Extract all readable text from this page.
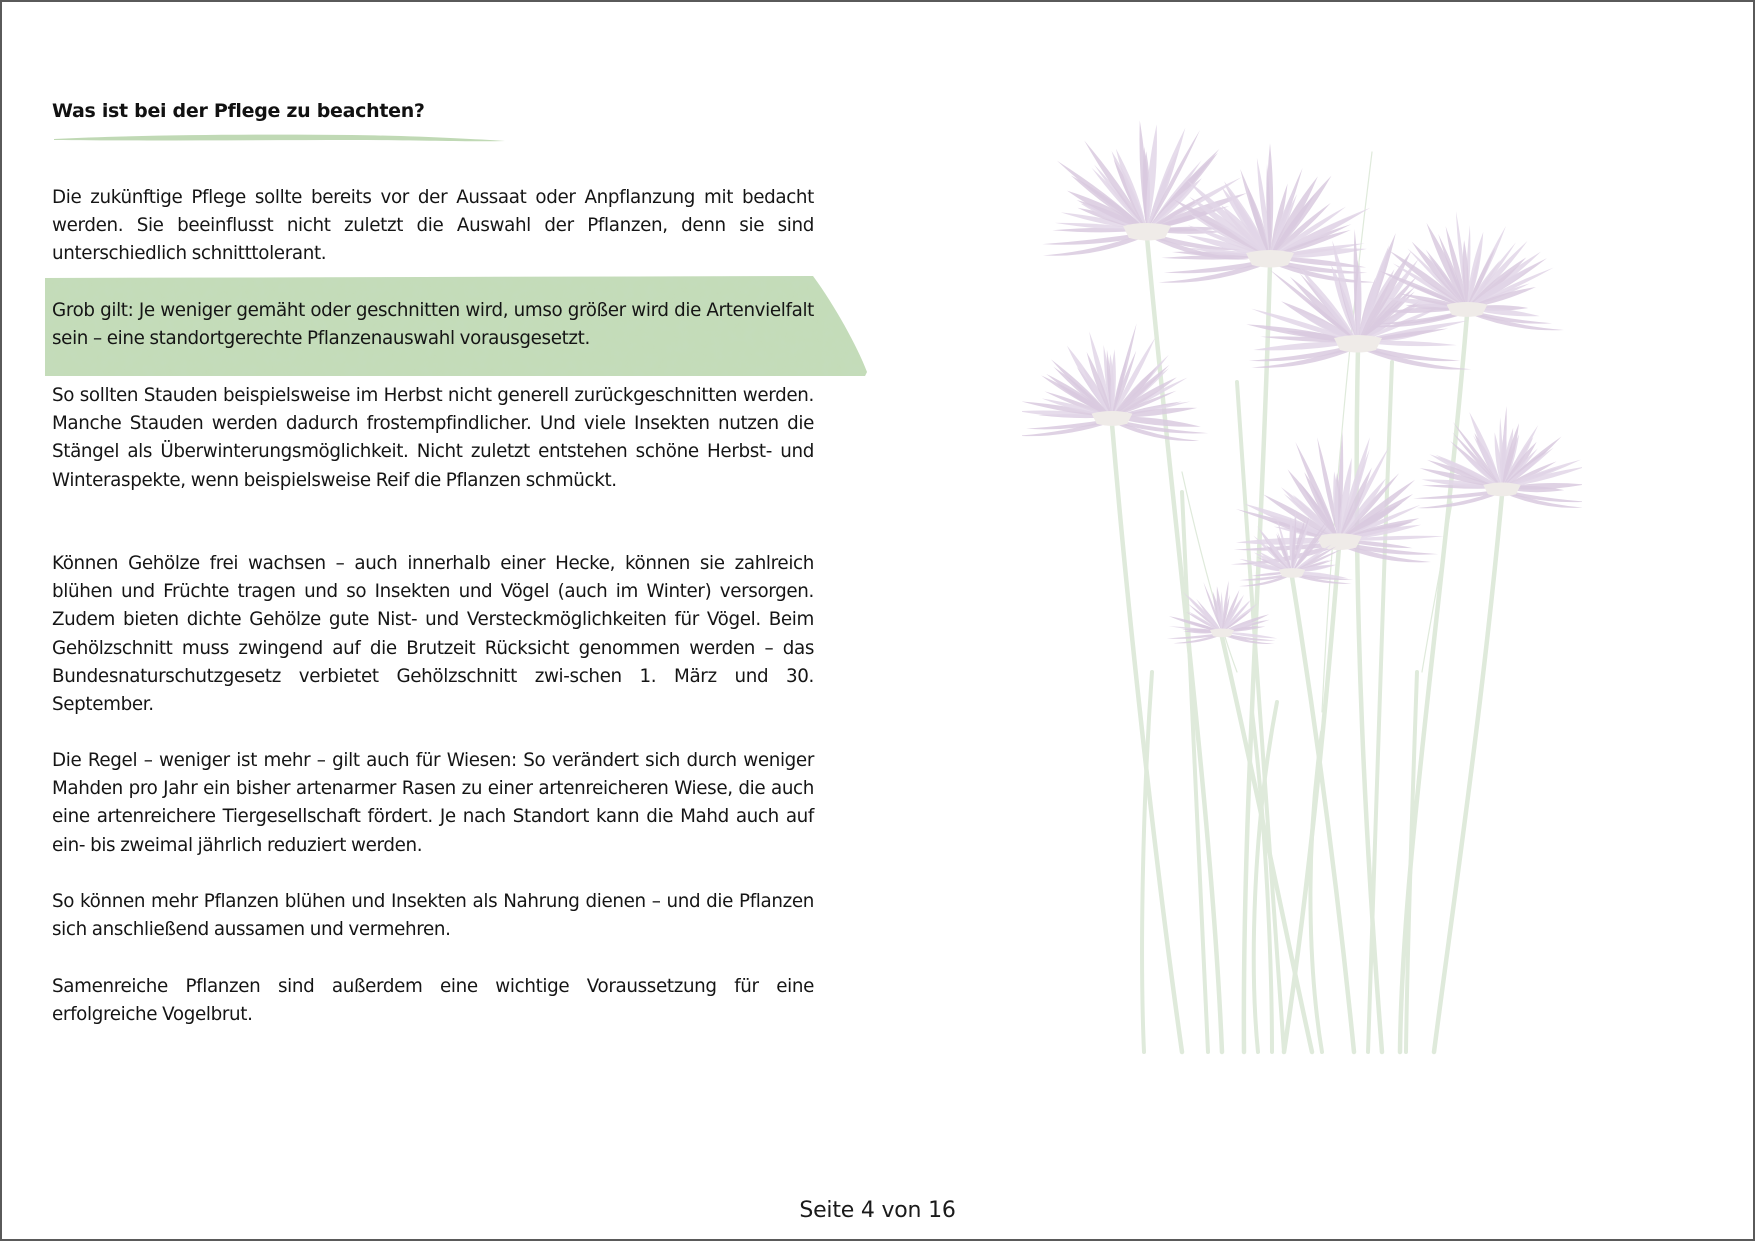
Was ist bei der Pflege zu beachten?

Die zukünftige Pflege sollte bereits vor der Aussaat oder Anpflanzung mit bedacht werden. Sie beeinflusst nicht zuletzt die Auswahl der Pflanzen, denn sie sind unterschiedlich schnitttolerant.

Grob gilt: Je weniger gemäht oder geschnitten wird, umso größer wird die Artenvielfalt sein – eine standortgerechte Pflanzenauswahl vorausgesetzt.

So sollten Stauden beispielsweise im Herbst nicht generell zurückgeschnitten werden. Manche Stauden werden dadurch frostempfindlicher. Und viele Insekten nutzen die Stängel als Überwinterungsmöglichkeit. Nicht zuletzt entstehen schöne Herbst- und Winteraspekte, wenn beispielsweise Reif die Pflanzen schmückt.

Können Gehölze frei wachsen – auch innerhalb einer Hecke, können sie zahlreich blühen und Früchte tragen und so Insekten und Vögel (auch im Winter) versorgen. Zudem bieten dichte Gehölze gute Nist- und Versteckmöglichkeiten für Vögel. Beim Gehölzschnitt muss zwingend auf die Brutzeit Rücksicht genommen werden – das Bundesnaturschutzgesetz verbietet Gehölzschnitt zwi-schen 1. März und 30. September.

Die Regel – weniger ist mehr – gilt auch für Wiesen: So verändert sich durch weniger Mahden pro Jahr ein bisher artenarmer Rasen zu einer artenreicheren Wiese, die auch eine artenreichere Tiergesellschaft fördert. Je nach Standort kann die Mahd auch auf ein- bis zweimal jährlich reduziert werden.

So können mehr Pflanzen blühen und Insekten als Nahrung dienen – und die Pflanzen sich anschließend aussamen und vermehren.

Samenreiche Pflanzen sind außerdem eine wichtige Voraussetzung für eine erfolgreiche Vogelbrut.

Seite 4 von 16
